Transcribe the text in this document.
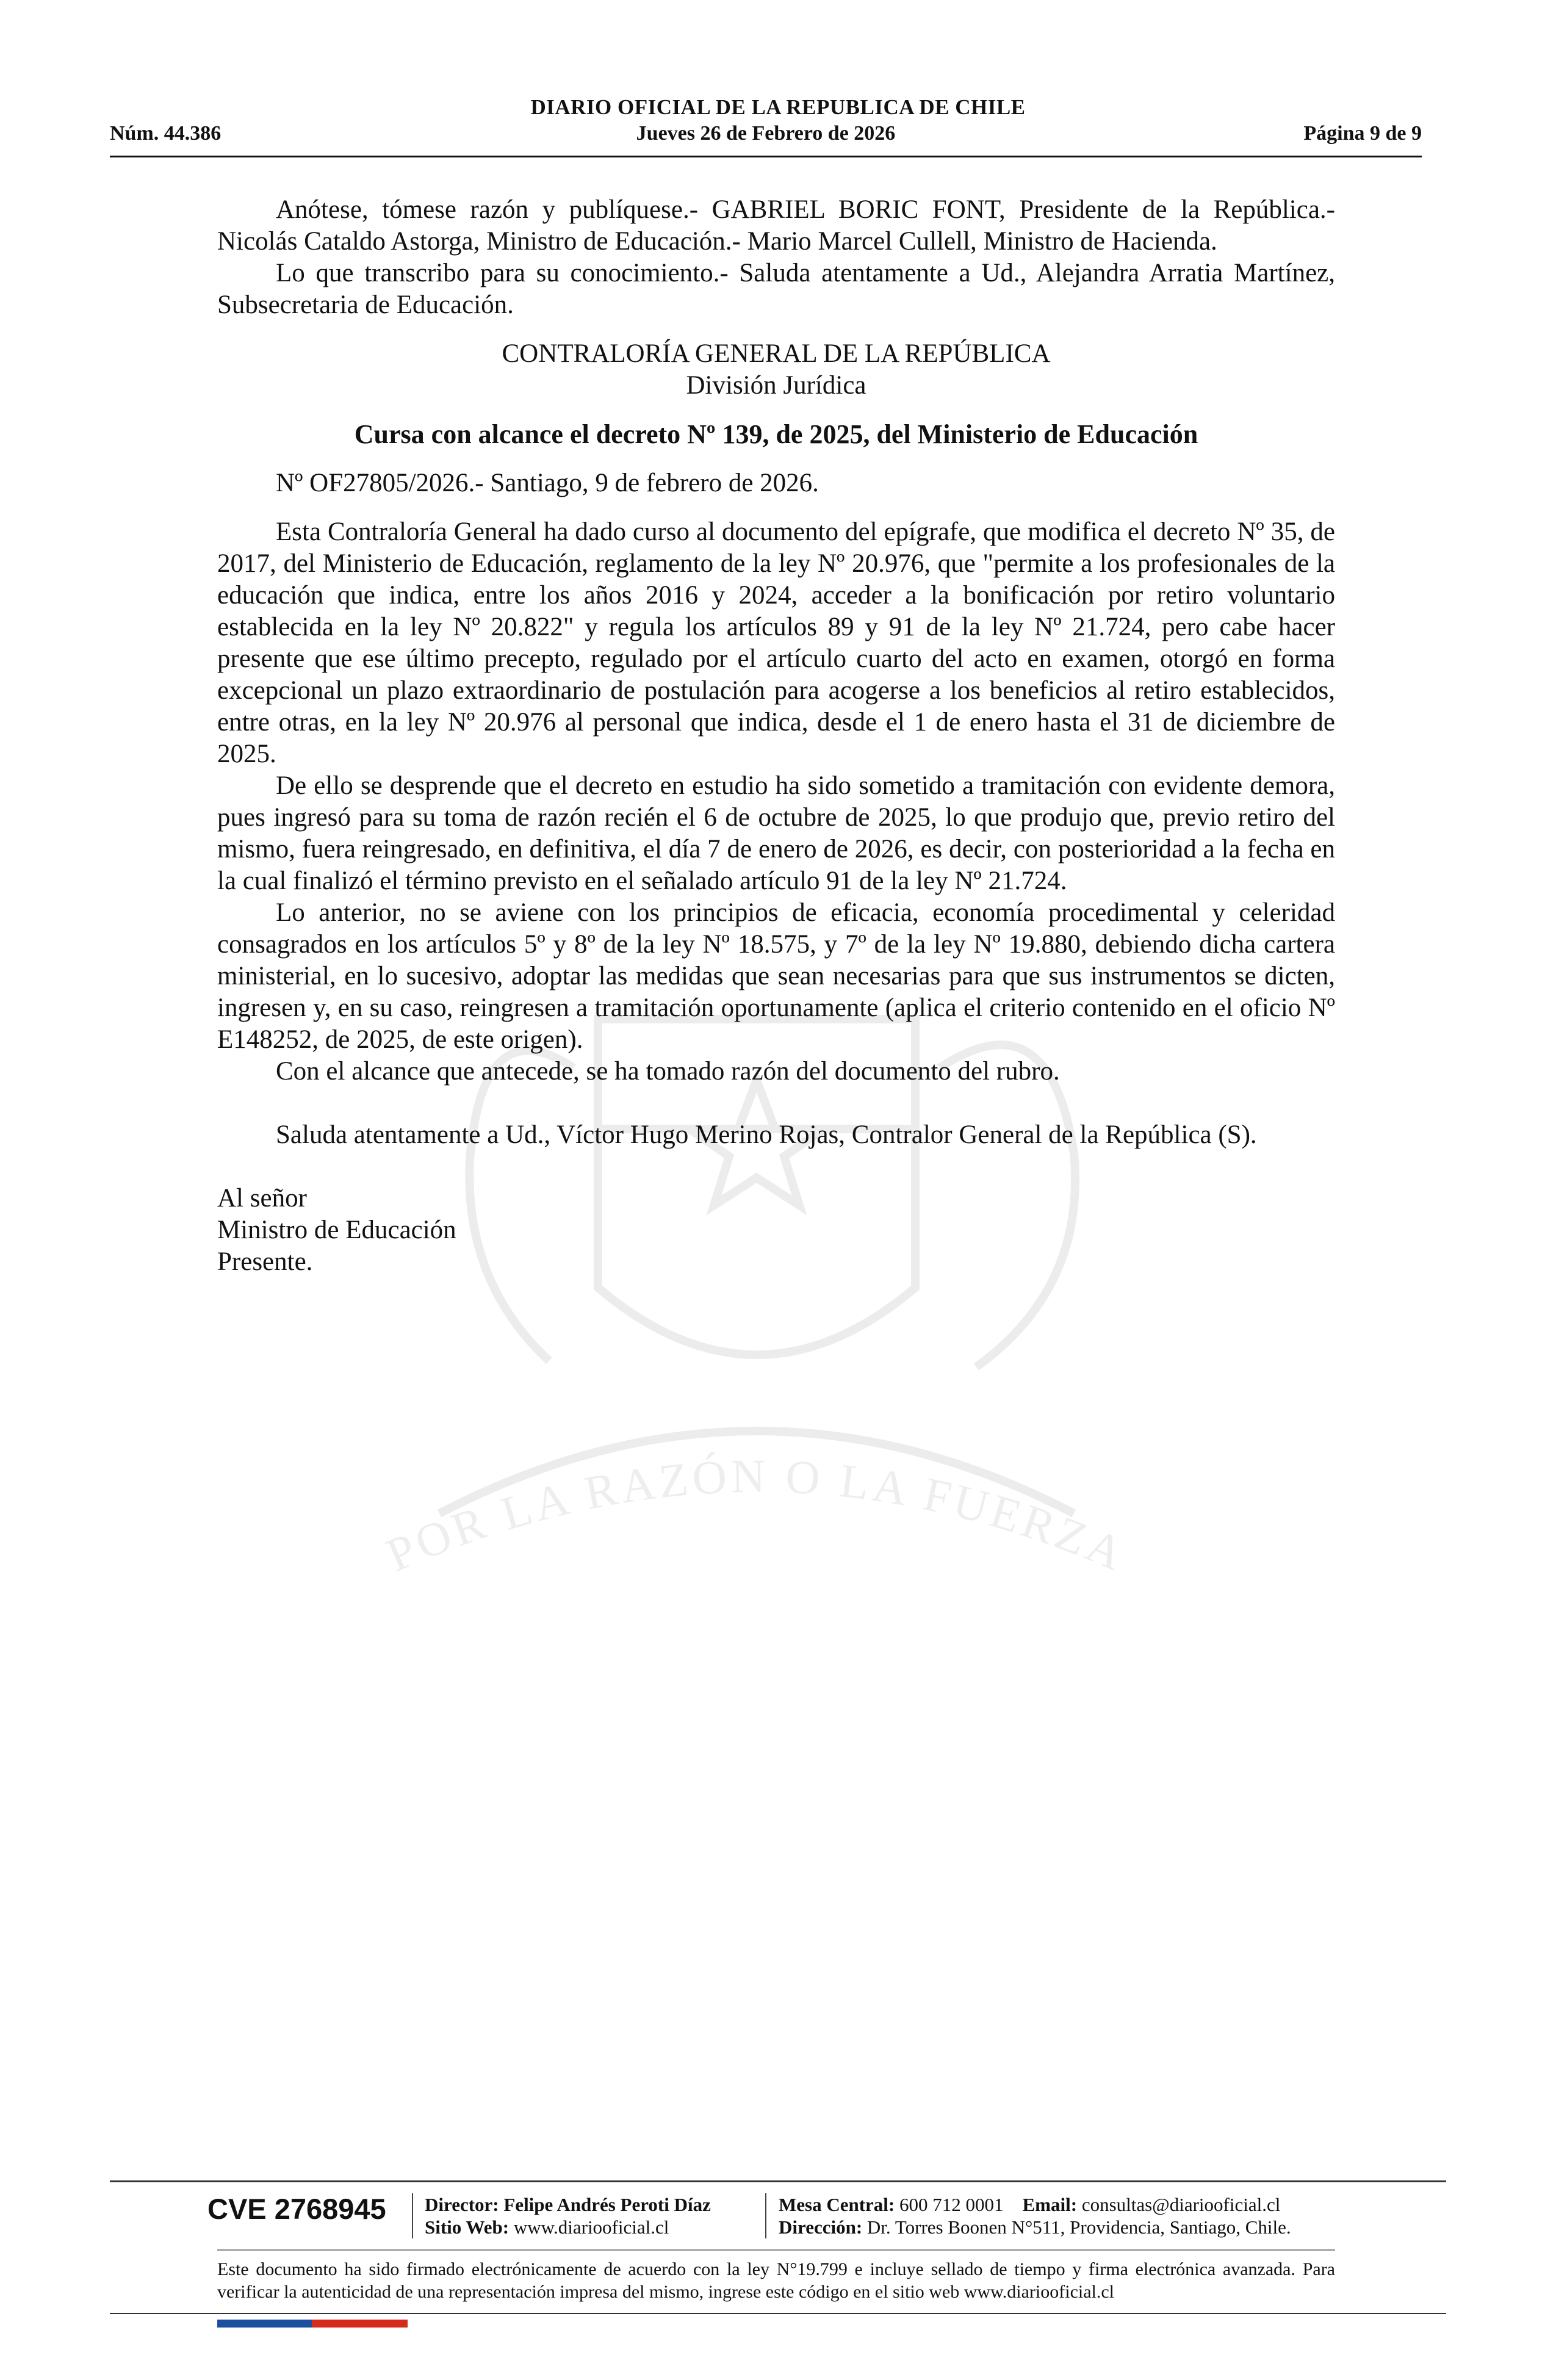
DIARIO OFICIAL DE LA REPUBLICA DE CHILE
Núm. 44.386	Jueves 26 de Febrero de 2026	Página 9 de 9
POR LA RAZÓN O LA FUERZA

Anótese, tómese razón y publíquese.- GABRIEL BORIC FONT, Presidente de la República.- Nicolás Cataldo Astorga, Ministro de Educación.- Mario Marcel Cullell, Ministro de Hacienda.

Lo que transcribo para su conocimiento.- Saluda atentamente a Ud., Alejandra Arratia Martínez, Subsecretaria de Educación.

CONTRALORÍA GENERAL DE LA REPÚBLICA

División Jurídica

Cursa con alcance el decreto Nº 139, de 2025, del Ministerio de Educación

Nº OF27805/2026.- Santiago, 9 de febrero de 2026.

Esta Contraloría General ha dado curso al documento del epígrafe, que modifica el decreto Nº 35, de 2017, del Ministerio de Educación, reglamento de la ley Nº 20.976, que "permite a los profesionales de la educación que indica, entre los años 2016 y 2024, acceder a la bonificación por retiro voluntario establecida en la ley Nº 20.822" y regula los artículos 89 y 91 de la ley Nº 21.724, pero cabe hacer presente que ese último precepto, regulado por el artículo cuarto del acto en examen, otorgó en forma excepcional un plazo extraordinario de postulación para acogerse a los beneficios al retiro establecidos, entre otras, en la ley Nº 20.976 al personal que indica, desde el 1 de enero hasta el 31 de diciembre de 2025.

De ello se desprende que el decreto en estudio ha sido sometido a tramitación con evidente demora, pues ingresó para su toma de razón recién el 6 de octubre de 2025, lo que produjo que, previo retiro del mismo, fuera reingresado, en definitiva, el día 7 de enero de 2026, es decir, con posterioridad a la fecha en la cual finalizó el término previsto en el señalado artículo 91 de la ley Nº 21.724.

Lo anterior, no se aviene con los principios de eficacia, economía procedimental y celeridad consagrados en los artículos 5º y 8º de la ley Nº 18.575, y 7º de la ley Nº 19.880, debiendo dicha cartera ministerial, en lo sucesivo, adoptar las medidas que sean necesarias para que sus instrumentos se dicten, ingresen y, en su caso, reingresen a tramitación oportunamente (aplica el criterio contenido en el oficio Nº E148252, de 2025, de este origen).

Con el alcance que antecede, se ha tomado razón del documento del rubro.

Saluda atentamente a Ud., Víctor Hugo Merino Rojas, Contralor General de la República (S).

Al señor

Ministro de Educación

Presente.

CVE 2768945 Director: Felipe Andrés Peroti Díaz
Sitio Web: www.diariooficial.cl
Mesa Central: 600 712 0001 Email: consultas@diariooficial.cl
Dirección: Dr. Torres Boonen N°511, Providencia, Santiago, Chile.
Este documento ha sido firmado electrónicamente de acuerdo con la ley N°19.799 e incluye sellado de tiempo y firma electrónica avanzada. Para verificar la autenticidad de una representación impresa del mismo, ingrese este código en el sitio web www.diariooficial.cl
